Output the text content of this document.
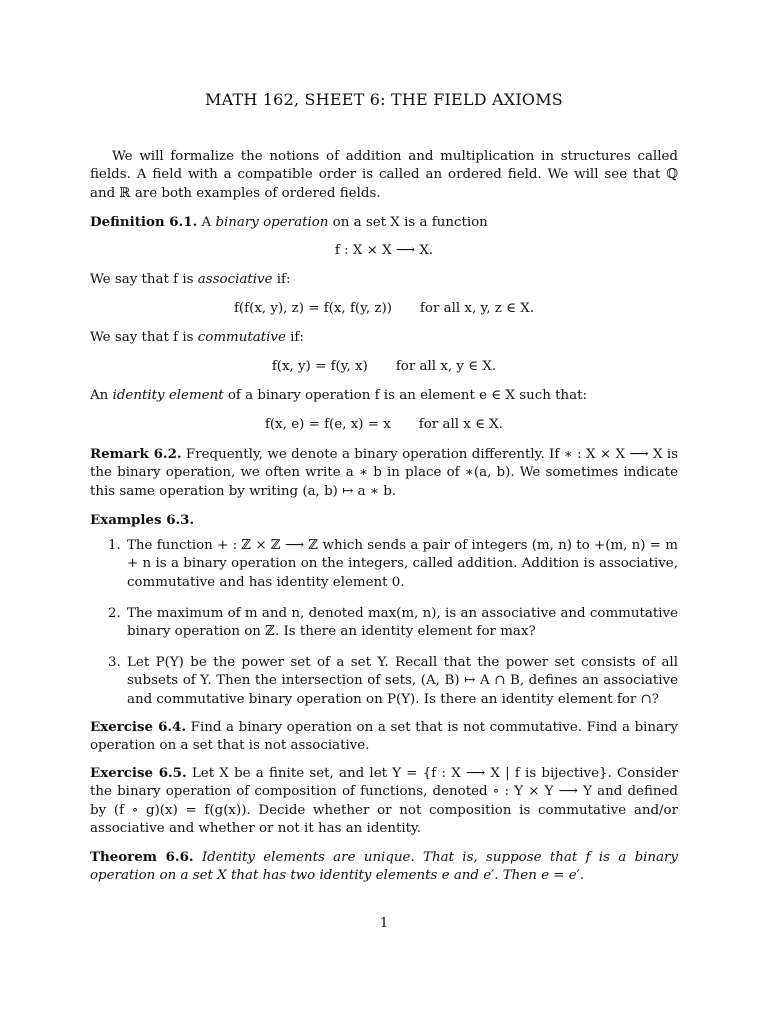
MATH 162, SHEET 6: THE FIELD AXIOMS
We will formalize the notions of addition and multiplication in structures called fields. A field with a compatible order is called an ordered field. We will see that ℚ and ℝ are both examples of ordered fields.
Definition 6.1. A binary operation on a set X is a function
f : X × X ⟶ X.
We say that f is associative if:
f(f(x, y), z) = f(x, f(y, z)) for all x, y, z ∈ X.
We say that f is commutative if:
f(x, y) = f(y, x) for all x, y ∈ X.
An identity element of a binary operation f is an element e ∈ X such that:
f(x, e) = f(e, x) = x for all x ∈ X.
Remark 6.2. Frequently, we denote a binary operation differently. If ∗ : X × X ⟶ X is the binary operation, we often write a ∗ b in place of ∗(a, b). We sometimes indicate this same operation by writing (a, b) ↦ a ∗ b.
Examples 6.3.
1. The function + : ℤ × ℤ ⟶ ℤ which sends a pair of integers (m, n) to +(m, n) = m + n is a binary operation on the integers, called addition. Addition is associative, commutative and has identity element 0.
2. The maximum of m and n, denoted max(m, n), is an associative and commutative binary operation on ℤ. Is there an identity element for max?
3. Let P(Y) be the power set of a set Y. Recall that the power set consists of all subsets of Y. Then the intersection of sets, (A, B) ↦ A ∩ B, defines an associative and commutative binary operation on P(Y). Is there an identity element for ∩?
Exercise 6.4. Find a binary operation on a set that is not commutative. Find a binary operation on a set that is not associative.
Exercise 6.5. Let X be a finite set, and let Y = {f : X ⟶ X | f is bijective}. Consider the binary operation of composition of functions, denoted ∘ : Y × Y ⟶ Y and defined by (f ∘ g)(x) = f(g(x)). Decide whether or not composition is commutative and/or associative and whether or not it has an identity.
Theorem 6.6. Identity elements are unique. That is, suppose that f is a binary operation on a set X that has two identity elements e and e′. Then e = e′.
1
